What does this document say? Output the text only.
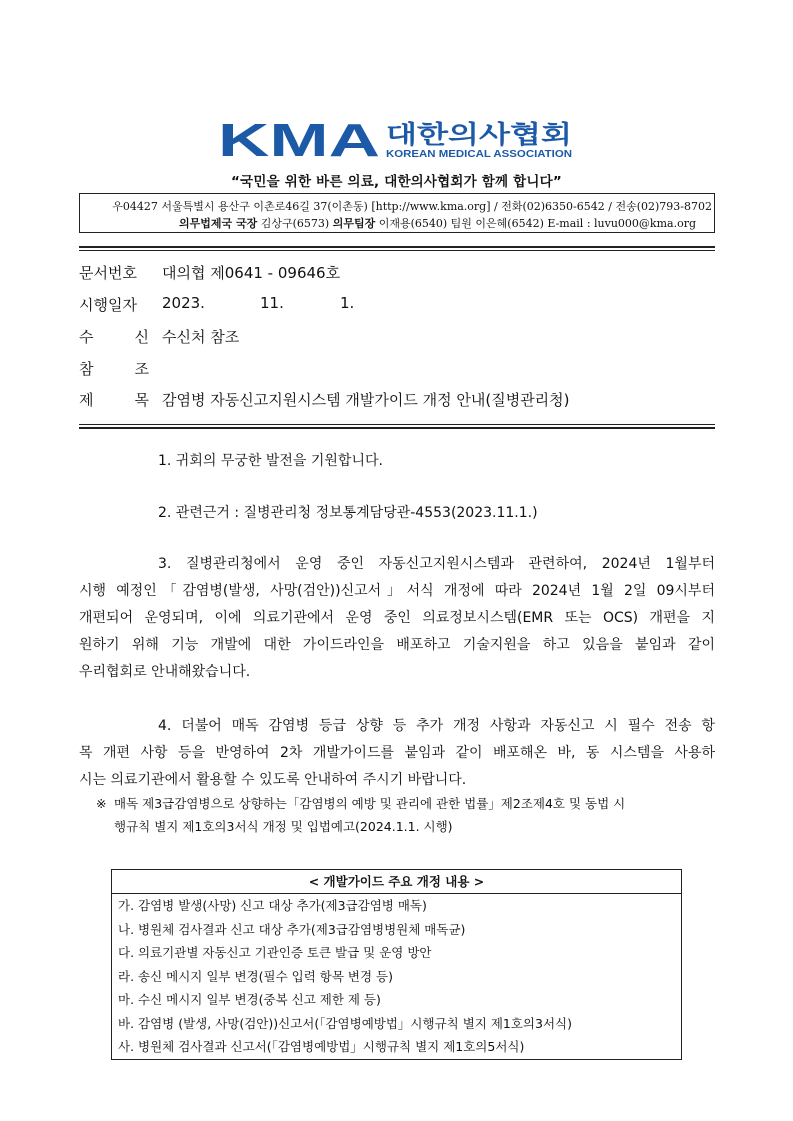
KMA 대한의사협회
KOREAN MEDICAL ASSOCIATION
“국민을 위한 바른 의료, 대한의사협회가 함께 합니다”
우04427 서울특별시 용산구 이촌로46길 37(이촌동) [http://www.kma.org] / 전화(02)6350-6542 / 전송(02)793-8702
의무법제국 국장 김상구(6573) 의무팀장 이재용(6540) 팀원 이은혜(6542) E-mail : luvu000@kma.org
문서번호	대의협 제0641 - 09646호
시행일자	2023.	11.	1.
수	신 수신처 참조
참	조
제	목 감염병 자동신고지원시스템 개발가이드 개정 안내(질병관리청)

1. 귀회의 무궁한 발전을 기원합니다.

2. 관련근거 : 질병관리청 정보통계담당관-4553(2023.11.1.)

3. 질병관리청에서 운영 중인 자동신고지원시스템과 관련하여, 2024년 1월부터

시행 예정인「감염병(발생, 사망(검안))신고서」서식 개정에 따라 2024년 1월 2일 09시부터

개편되어 운영되며, 이에 의료기관에서 운영 중인 의료정보시스템(EMR 또는 OCS) 개편을 지

원하기 위해 기능 개발에 대한 가이드라인을 배포하고 기술지원을 하고 있음을 붙임과 같이

우리협회로 안내해왔습니다.

4. 더불어 매독 감염병 등급 상향 등 추가 개정 사항과 자동신고 시 필수 전송 항

목 개편 사항 등을 반영하여 2차 개발가이드를 붙임과 같이 배포해온 바, 동 시스템을 사용하

시는 의료기관에서 활용할 수 있도록 안내하여 주시기 바랍니다.

※ 매독 제3급감염병으로 상향하는「감염병의 예방 및 관리에 관한 법률」제2조제4호 및 동법 시
행규칙 별지 제1호의3서식 개정 및 입법예고(2024.1.1. 시행)
< 개발가이드 주요 개정 내용 >
가. 감염병 발생(사망) 신고 대상 추가(제3급감염병 매독)
나. 병원체 검사결과 신고 대상 추가(제3급감염병병원체 매독균)
다. 의료기관별 자동신고 기관인증 토큰 발급 및 운영 방안
라. 송신 메시지 일부 변경(필수 입력 항목 변경 등)
마. 수신 메시지 일부 변경(중복 신고 제한 제 등)
바. 감염병 (발생, 사망(검안))신고서(「감염병예방법」시행규칙 별지 제1호의3서식)
사. 병원체 검사결과 신고서(「감염병예방법」시행규칙 별지 제1호의5서식)
